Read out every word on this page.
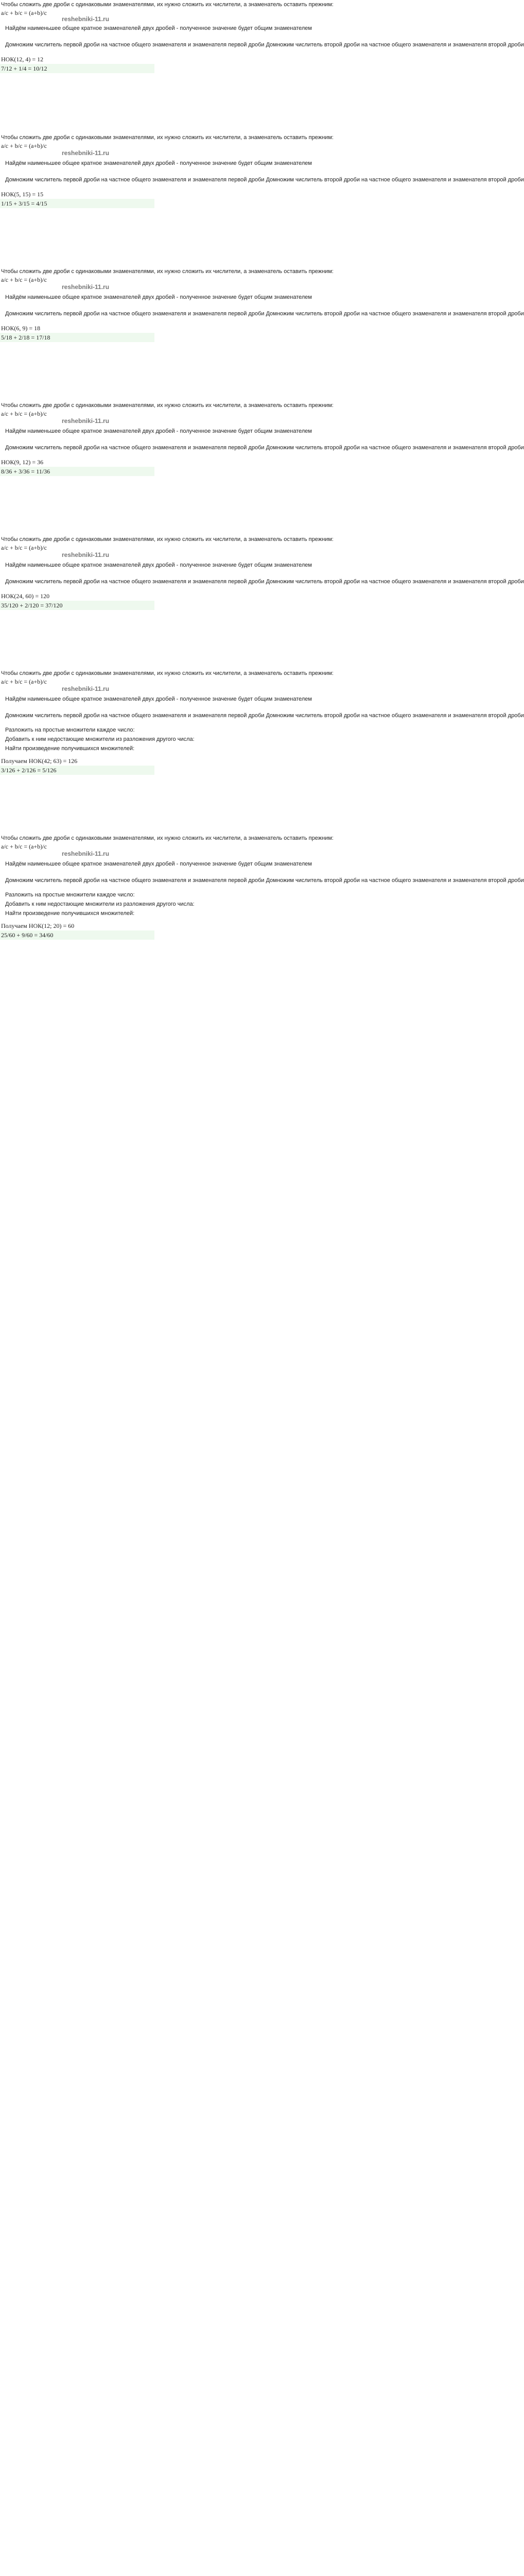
Чтобы сложить две дроби с одинаковыми знаменателями, их нужно сложить их числители, а знаменатель оставить прежним:
a/c + b/c = (a+b)/c
reshebniki-11.ru
Найдём наименьшее общее кратное знаменателей двух дробей - полученное значение будет общим знаменателем
Домножим числитель первой дроби на частное общего знаменателя и знаменателя первой дроби Домножим числитель второй дроби на частное общего знаменателя и знаменателя второй дроби
НОК(12, 4) = 12
7/12 + 1/4 = 10/12
Чтобы сложить две дроби с одинаковыми знаменателями, их нужно сложить их числители, а знаменатель оставить прежним:
a/c + b/c = (a+b)/c
reshebniki-11.ru
Найдём наименьшее общее кратное знаменателей двух дробей - полученное значение будет общим знаменателем
Домножим числитель первой дроби на частное общего знаменателя и знаменателя первой дроби Домножим числитель второй дроби на частное общего знаменателя и знаменателя второй дроби
НОК(5, 15) = 15
1/15 + 3/15 = 4/15
Чтобы сложить две дроби с одинаковыми знаменателями, их нужно сложить их числители, а знаменатель оставить прежним:
a/c + b/c = (a+b)/c
reshebniki-11.ru
Найдём наименьшее общее кратное знаменателей двух дробей - полученное значение будет общим знаменателем
Домножим числитель первой дроби на частное общего знаменателя и знаменателя первой дроби Домножим числитель второй дроби на частное общего знаменателя и знаменателя второй дроби
НОК(6, 9) = 18
5/18 + 2/18 = 17/18
Чтобы сложить две дроби с одинаковыми знаменателями, их нужно сложить их числители, а знаменатель оставить прежним:
a/c + b/c = (a+b)/c
reshebniki-11.ru
Найдём наименьшее общее кратное знаменателей двух дробей - полученное значение будет общим знаменателем
Домножим числитель первой дроби на частное общего знаменателя и знаменателя первой дроби Домножим числитель второй дроби на частное общего знаменателя и знаменателя второй дроби
НОК(9, 12) = 36
8/36 + 3/36 = 11/36
Чтобы сложить две дроби с одинаковыми знаменателями, их нужно сложить их числители, а знаменатель оставить прежним:
a/c + b/c = (a+b)/c
reshebniki-11.ru
Найдём наименьшее общее кратное знаменателей двух дробей - полученное значение будет общим знаменателем
Домножим числитель первой дроби на частное общего знаменателя и знаменателя первой дроби Домножим числитель второй дроби на частное общего знаменателя и знаменателя второй дроби
НОК(24, 60) = 120
35/120 + 2/120 = 37/120
Чтобы сложить две дроби с одинаковыми знаменателями, их нужно сложить их числители, а знаменатель оставить прежним:
a/c + b/c = (a+b)/c
reshebniki-11.ru
Найдём наименьшее общее кратное знаменателей двух дробей - полученное значение будет общим знаменателем
Домножим числитель первой дроби на частное общего знаменателя и знаменателя первой дроби Домножим числитель второй дроби на частное общего знаменателя и знаменателя второй дроби
Разложить на простые множители каждое число:
Добавить к ним недостающие множители из разложения другого числа:
Найти произведение получившихся множителей:
Получаем НОК(42; 63) = 126
3/126 + 2/126 = 5/126
Чтобы сложить две дроби с одинаковыми знаменателями, их нужно сложить их числители, а знаменатель оставить прежним:
a/c + b/c = (a+b)/c
reshebniki-11.ru
Найдём наименьшее общее кратное знаменателей двух дробей - полученное значение будет общим знаменателем
Домножим числитель первой дроби на частное общего знаменателя и знаменателя первой дроби Домножим числитель второй дроби на частное общего знаменателя и знаменателя второй дроби
Разложить на простые множители каждое число:
Добавить к ним недостающие множители из разложения другого числа:
Найти произведение получившихся множителей:
Получаем НОК(12; 20) = 60
25/60 + 9/60 = 34/60
